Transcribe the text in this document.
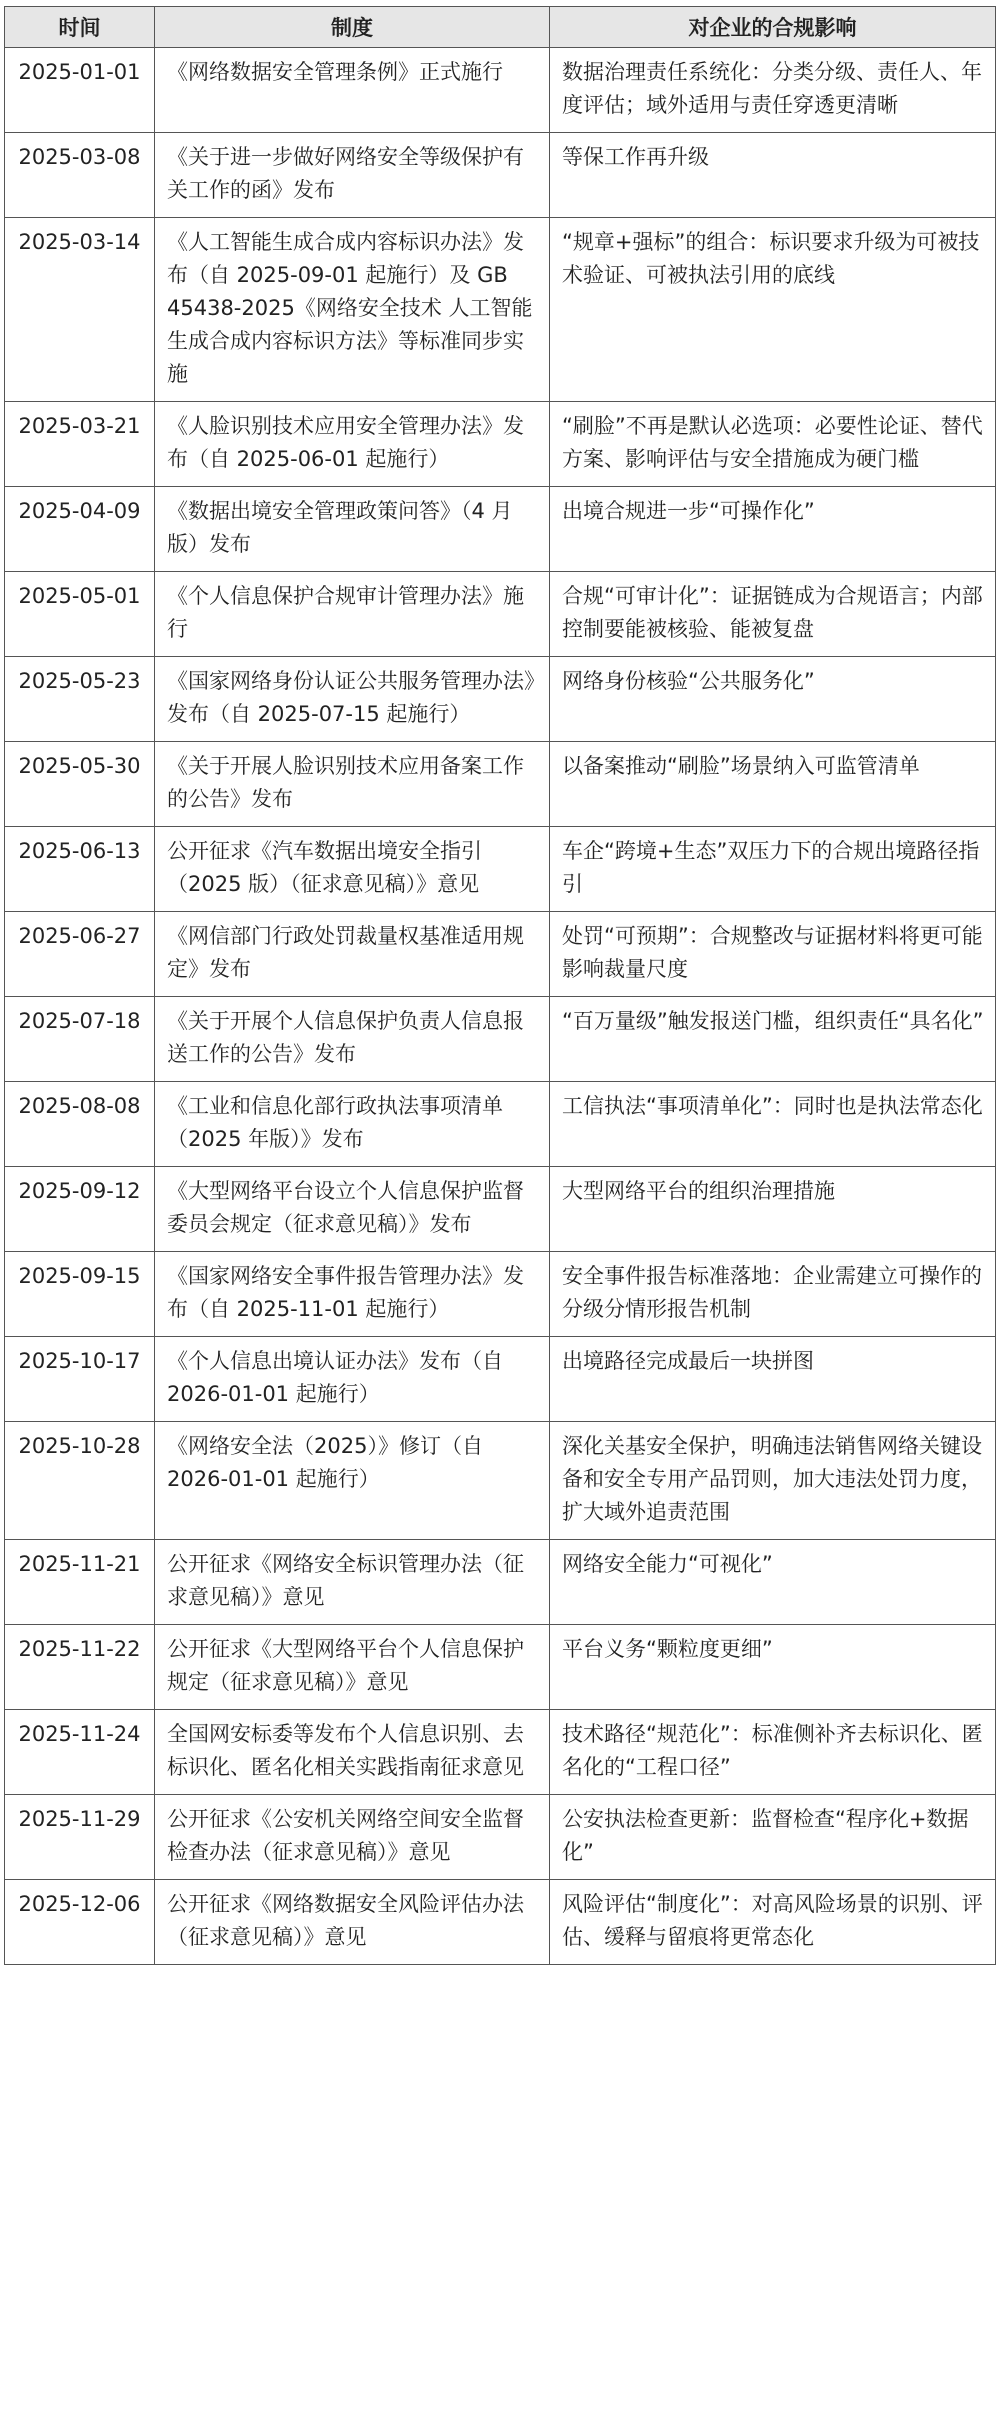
时间	制度	对企业的合规影响
2025-01-01	《网络数据安全管理条例》正式施行	数据治理责任系统化：分类分级、责任人、年度评估；域外适用与责任穿透更清晰
2025-03-08	《关于进一步做好网络安全等级保护有关工作的函》发布	等保工作再升级
2025-03-14	《人工智能生成合成内容标识办法》发布（自 2025-09-01 起施行）及 GB 45438-2025《网络安全技术 人工智能生成合成内容标识方法》等标准同步实施	“规章+强标”的组合：标识要求升级为可被技术验证、可被执法引用的底线
2025-03-21	《人脸识别技术应用安全管理办法》发布（自 2025-06-01 起施行）	“刷脸”不再是默认必选项：必要性论证、替代方案、影响评估与安全措施成为硬门槛
2025-04-09	《数据出境安全管理政策问答》（4 月版）发布	出境合规进一步“可操作化”
2025-05-01	《个人信息保护合规审计管理办法》施行	合规“可审计化”：证据链成为合规语言；内部控制要能被核验、能被复盘
2025-05-23	《国家网络身份认证公共服务管理办法》发布（自 2025-07-15 起施行）	网络身份核验“公共服务化”
2025-05-30	《关于开展人脸识别技术应用备案工作的公告》发布	以备案推动“刷脸”场景纳入可监管清单
2025-06-13	公开征求《汽车数据出境安全指引（2025 版）（征求意见稿）》意见	车企“跨境+生态”双压力下的合规出境路径指引
2025-06-27	《网信部门行政处罚裁量权基准适用规定》发布	处罚“可预期”：合规整改与证据材料将更可能影响裁量尺度
2025-07-18	《关于开展个人信息保护负责人信息报送工作的公告》发布	“百万量级”触发报送门槛，组织责任“具名化”
2025-08-08	《工业和信息化部行政执法事项清单（2025 年版）》发布	工信执法“事项清单化”：同时也是执法常态化
2025-09-12	《大型网络平台设立个人信息保护监督委员会规定（征求意见稿）》发布	大型网络平台的组织治理措施
2025-09-15	《国家网络安全事件报告管理办法》发布（自 2025-11-01 起施行）	安全事件报告标准落地：企业需建立可操作的分级分情形报告机制
2025-10-17	《个人信息出境认证办法》发布（自 2026-01-01 起施行）	出境路径完成最后一块拼图
2025-10-28	《网络安全法（2025）》修订（自 2026-01-01 起施行）	深化关基安全保护，明确违法销售网络关键设备和安全专用产品罚则，加大违法处罚力度，扩大域外追责范围
2025-11-21	公开征求《网络安全标识管理办法（征求意见稿）》意见	网络安全能力“可视化”
2025-11-22	公开征求《大型网络平台个人信息保护规定（征求意见稿）》意见	平台义务“颗粒度更细”
2025-11-24	全国网安标委等发布个人信息识别、去标识化、匿名化相关实践指南征求意见	技术路径“规范化”：标准侧补齐去标识化、匿名化的“工程口径”
2025-11-29	公开征求《公安机关网络空间安全监督检查办法（征求意见稿）》意见	公安执法检查更新：监督检查“程序化+数据化”
2025-12-06	公开征求《网络数据安全风险评估办法（征求意见稿）》意见	风险评估“制度化”：对高风险场景的识别、评估、缓释与留痕将更常态化
